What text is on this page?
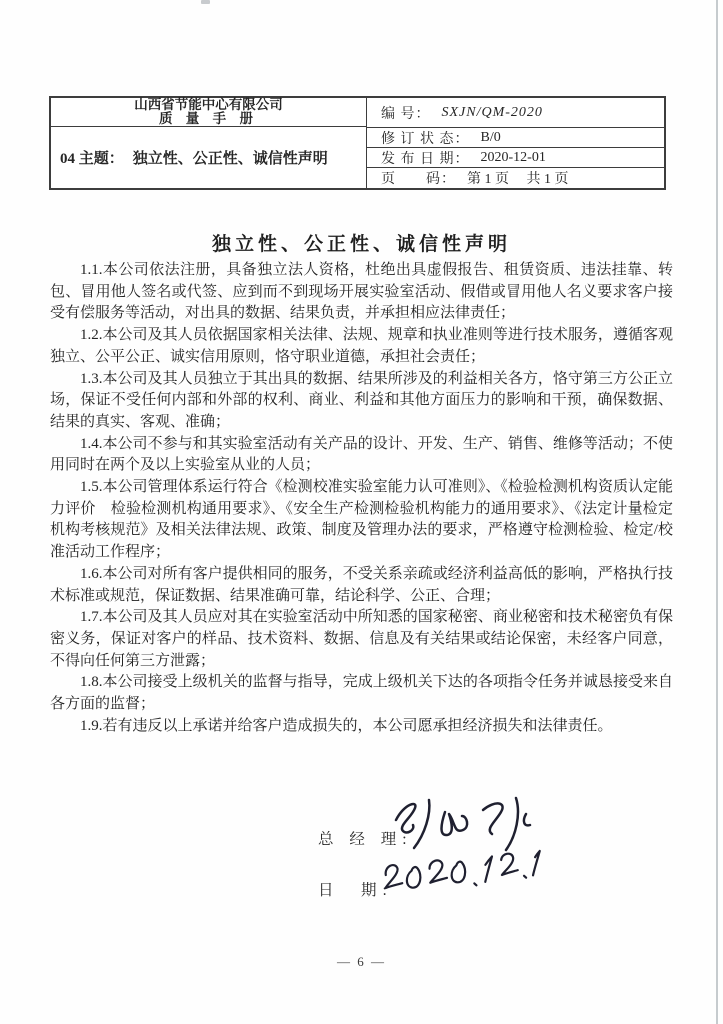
山西省节能中心有限公司
质 量 手 册
04 主题： 独立性、公正性、诚信性声明
编 号： SXJN/QM-2020
修 订 状 态： B/0
发 布 日 期： 2020-12-01
页　　码： 第 1 页　 共 1 页
独立性、公正性、诚信性声明

1.1.本公司依法注册，具备独立法人资格，杜绝出具虚假报告、租赁资质、违法挂靠、转包、冒用他人签名或代签、应到而不到现场开展实验室活动、假借或冒用他人名义要求客户接受有偿服务等活动，对出具的数据、结果负责，并承担相应法律责任；

1.2.本公司及其人员依据国家相关法律、法规、规章和执业准则等进行技术服务，遵循客观独立、公平公正、诚实信用原则，恪守职业道德，承担社会责任；

1.3.本公司及其人员独立于其出具的数据、结果所涉及的利益相关各方，恪守第三方公正立场，保证不受任何内部和外部的权利、商业、利益和其他方面压力的影响和干预，确保数据、结果的真实、客观、准确；

1.4.本公司不参与和其实验室活动有关产品的设计、开发、生产、销售、维修等活动；不使用同时在两个及以上实验室从业的人员；

1.5.本公司管理体系运行符合《检测校准实验室能力认可准则》、《检验检测机构资质认定能力评价　检验检测机构通用要求》、《安全生产检测检验机构能力的通用要求》、《法定计量检定机构考核规范》及相关法律法规、政策、制度及管理办法的要求，严格遵守检测检验、检定/校准活动工作程序；

1.6.本公司对所有客户提供相同的服务，不受关系亲疏或经济利益高低的影响，严格执行技术标准或规范，保证数据、结果准确可靠，结论科学、公正、合理；

1.7.本公司及其人员应对其在实验室活动中所知悉的国家秘密、商业秘密和技术秘密负有保密义务，保证对客户的样品、技术资料、数据、信息及有关结果或结论保密，未经客户同意，不得向任何第三方泄露；

1.8.本公司接受上级机关的监督与指导，完成上级机关下达的各项指令任务并诚恳接受来自各方面的监督；

1.9.若有违反以上承诺并给客户造成损失的，本公司愿承担经济损失和法律责任。

总 经 理:
日　期:
— 6 —
